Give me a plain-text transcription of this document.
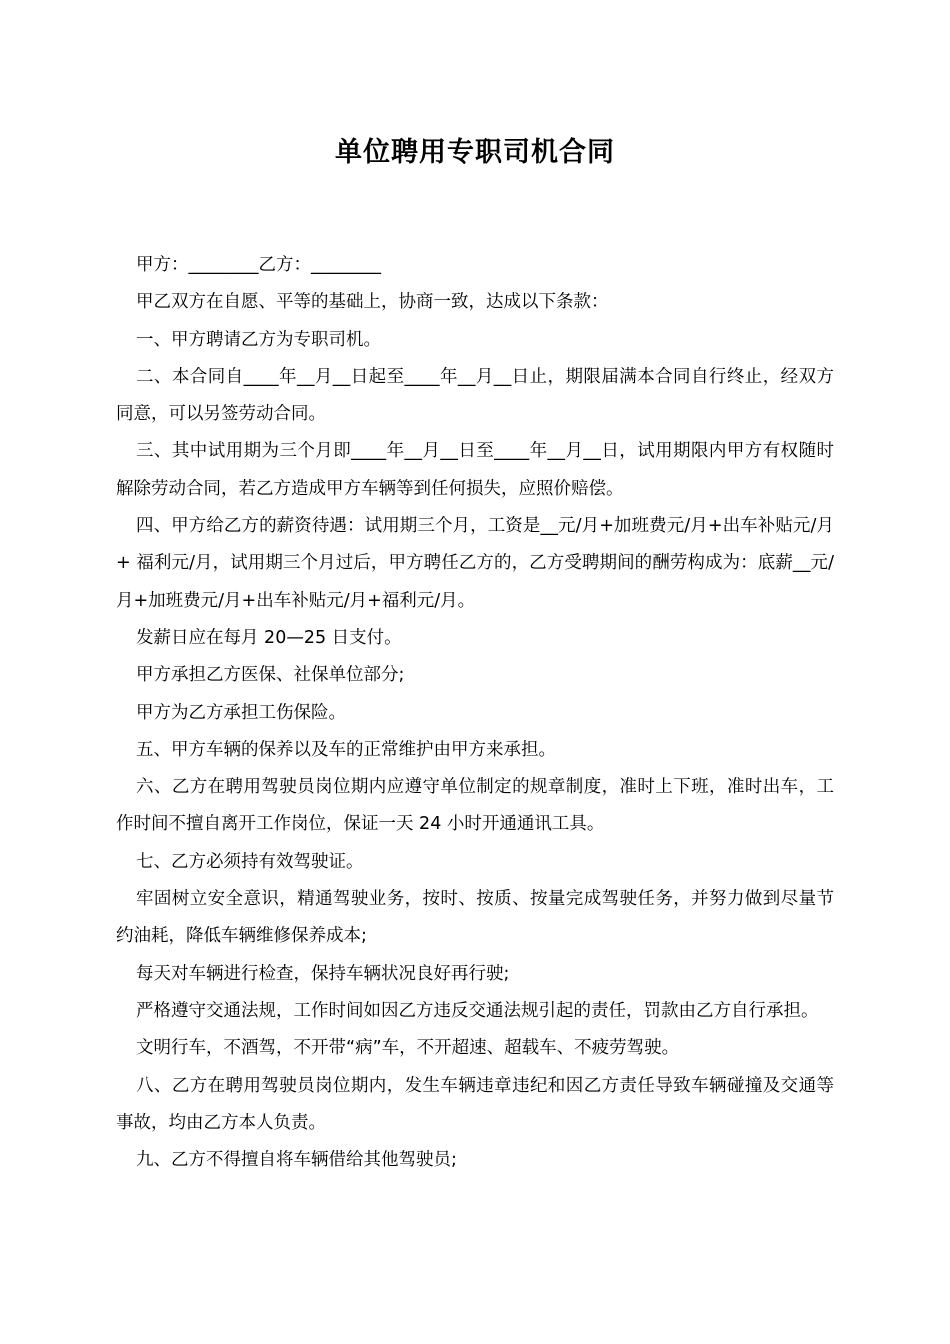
单位聘用专职司机合同

甲方：________乙方：________

甲乙双方在自愿、平等的基础上，协商一致，达成以下条款：

一、甲方聘请乙方为专职司机。

二、本合同自____年__月__日起至____年__月__日止，期限届满本合同自行终止，经双方同意，可以另签劳动合同。

三、其中试用期为三个月即____年__月__日至____年__月__日，试用期限内甲方有权随时解除劳动合同，若乙方造成甲方车辆等到任何损失，应照价赔偿。

四、甲方给乙方的薪资待遇：试用期三个月，工资是__元/月+加班费元/月+出车补贴元/月+ 福利元/月，试用期三个月过后，甲方聘任乙方的，乙方受聘期间的酬劳构成为：底薪__元/月+加班费元/月+出车补贴元/月+福利元/月。

发薪日应在每月 20—25 日支付。

甲方承担乙方医保、社保单位部分;

甲方为乙方承担工伤保险。

五、甲方车辆的保养以及车的正常维护由甲方来承担。

六、乙方在聘用驾驶员岗位期内应遵守单位制定的规章制度，准时上下班，准时出车，工作时间不擅自离开工作岗位，保证一天 24 小时开通通讯工具。

七、乙方必须持有效驾驶证。

牢固树立安全意识，精通驾驶业务，按时、按质、按量完成驾驶任务，并努力做到尽量节约油耗，降低车辆维修保养成本;

每天对车辆进行检查，保持车辆状况良好再行驶;

严格遵守交通法规，工作时间如因乙方违反交通法规引起的责任，罚款由乙方自行承担。

文明行车，不酒驾，不开带“病”车，不开超速、超载车、不疲劳驾驶。

八、乙方在聘用驾驶员岗位期内，发生车辆违章违纪和因乙方责任导致车辆碰撞及交通等事故，均由乙方本人负责。

九、乙方不得擅自将车辆借给其他驾驶员;
